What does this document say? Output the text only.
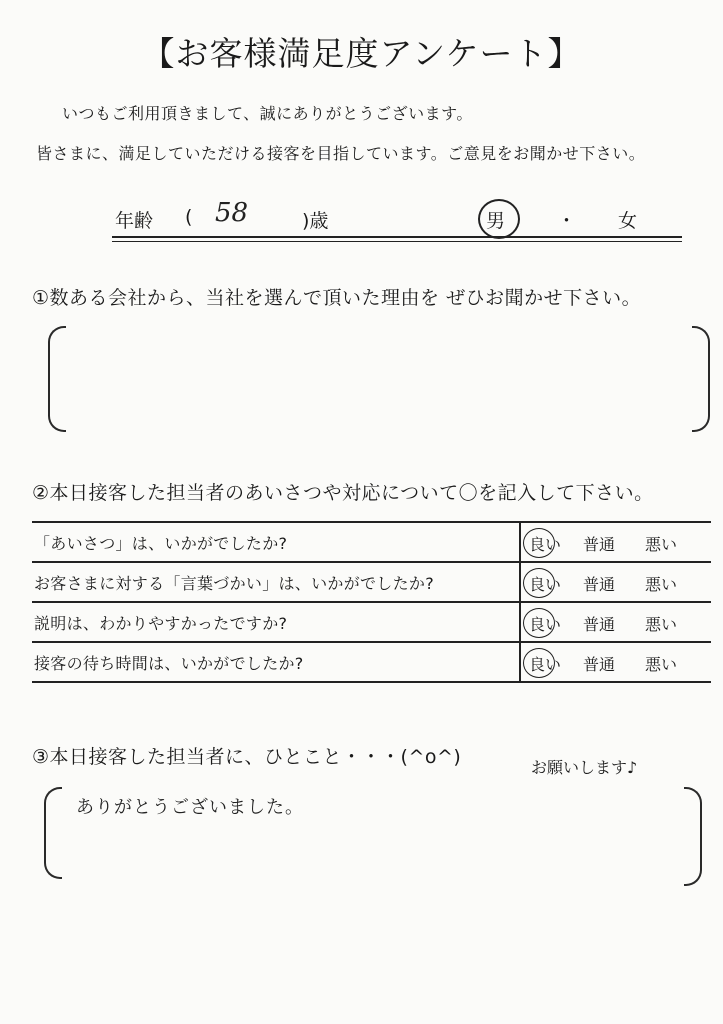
【お客様満足度アンケート】
いつもご利用頂きまして、誠にありがとうございます。
皆さまに、満足していただける接客を目指しています。ご意見をお聞かせ下さい。
年齢 ( 58	)歳	男	・ 女
①数ある会社から、当社を選んで頂いた理由を ぜひお聞かせ下さい。
②本日接客した担当者のあいさつや対応について〇を記入して下さい。
「あいさつ」は、いかがでしたか?	良い 普通 悪い

お客さまに対する「言葉づかい」は、いかがでしたか?	良い 普通 悪い

説明は、わかりやすかったですか?	良い 普通 悪い

接客の待ち時間は、いかがでしたか?	良い 普通 悪い
③本日接客した担当者に、ひとこと・・・(^o^)	お願いします♪
ありがとうございました。
